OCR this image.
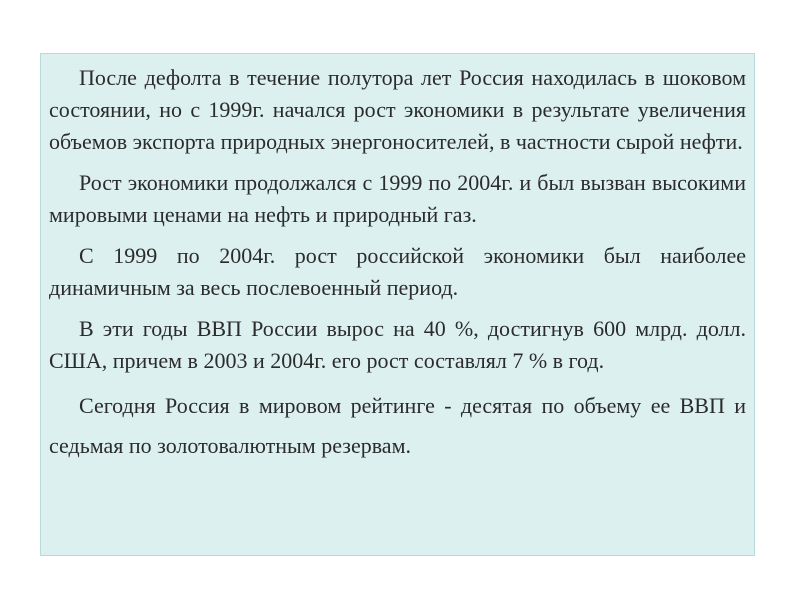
После дефолта в течение полутора лет Россия находилась в шоковом состоянии, но с 1999г. начался рост экономики в результате увеличения объемов экспорта природных энергоносителей, в частности сырой нефти.

Рост экономики продолжался с 1999 по 2004г. и был вызван высокими мировыми ценами на нефть и природный газ.

С 1999 по 2004г. рост российской экономики был наиболее динамичным за весь послевоенный период.

В эти годы ВВП России вырос на 40 %, достигнув 600 млрд. долл. США, причем в 2003 и 2004г. его рост составлял 7 % в год.

Сегодня Россия в мировом рейтинге - десятая по объему ее ВВП и седьмая по золотовалютным резервам.
